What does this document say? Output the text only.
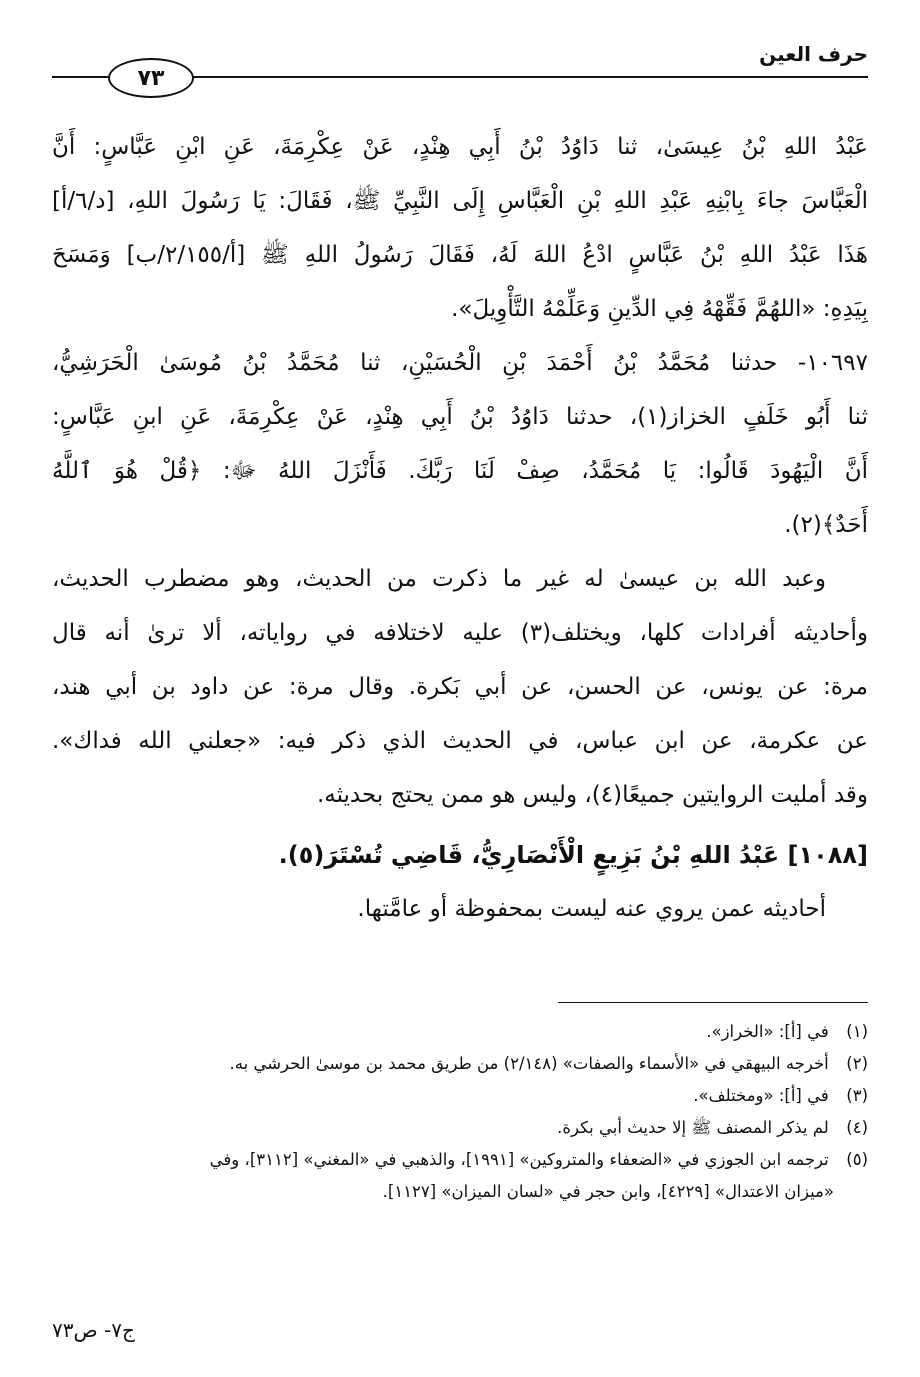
حرف العين
٧٣
عَبْدُ اللهِ بْنُ عِيسَىٰ، ثنا دَاوُدُ بْنُ أَبِي هِنْدٍ، عَنْ عِكْرِمَةَ، عَنِ ابْنِ عَبَّاسٍ: أَنَّ
الْعَبَّاسَ جاءَ بِابْنِهِ عَبْدِ اللهِ بْنِ الْعَبَّاسِ إِلَى النَّبِيِّ ﷺ، فَقَالَ: يَا رَسُولَ اللهِ، [د/٦/أ]
هَذَا عَبْدُ اللهِ بْنُ عَبَّاسٍ ادْعُ اللهَ لَهُ، فَقَالَ رَسُولُ اللهِ ﷺ [أ/٢/١٥٥/ب] وَمَسَحَ
بِيَدِهِ: «اللهُمَّ فَقِّهْهُ فِي الدِّينِ وَعَلِّمْهُ التَّأْوِيلَ».
١٠٦٩٧- حدثنا مُحَمَّدُ بْنُ أَحْمَدَ بْنِ الْحُسَيْنِ، ثنا مُحَمَّدُ بْنُ مُوسَىٰ الْحَرَشِيُّ،
ثنا أَبُو خَلَفٍ الخزاز(١)، حدثنا دَاوُدُ بْنُ أَبِي هِنْدٍ، عَنْ عِكْرِمَةَ، عَنِ ابنِ عَبَّاسٍ:
أَنَّ الْيَهُودَ قَالُوا: يَا مُحَمَّدُ، صِفْ لَنَا رَبَّكَ. فَأَنْزَلَ اللهُ ﷻ: ﴿قُلْ هُوَ ٱللَّهُ
أَحَدٌ﴾(٢).
وعبد الله بن عيسىٰ له غير ما ذكرت من الحديث، وهو مضطرب الحديث،
وأحاديثه أفرادات كلها، ويختلف(٣) عليه لاختلافه في رواياته، ألا ترىٰ أنه قال
مرة: عن يونس، عن الحسن، عن أبي بَكرة. وقال مرة: عن داود بن أبي هند،
عن عكرمة، عن ابن عباس، في الحديث الذي ذكر فيه: «جعلني الله فداك».
وقد أمليت الروايتين جميعًا(٤)، وليس هو ممن يحتج بحديثه.
[١٠٨٨] عَبْدُ اللهِ بْنُ بَزِيعٍ الْأَنْصَارِيُّ، قَاضِي تُسْتَرَ(٥).
أحاديثه عمن يروي عنه ليست بمحفوظة أو عامَّتها.
(١) في [أ]: «الخراز».
(٢) أخرجه البيهقي في «الأسماء والصفات» (٢/١٤٨) من طريق محمد بن موسىٰ الحرشي به.
(٣) في [أ]: «ومختلف».
(٤) لم يذكر المصنف ﷺ إلا حديث أبي بكرة.
(٥) ترجمه ابن الجوزي في «الضعفاء والمتروكين» [١٩٩١]، والذهبي في «المغني» [٣١١٢]، وفي
«ميزان الاعتدال» [٤٢٢٩]، وابن حجر في «لسان الميزان» [١١٢٧].
ج٧- ص٧٣
